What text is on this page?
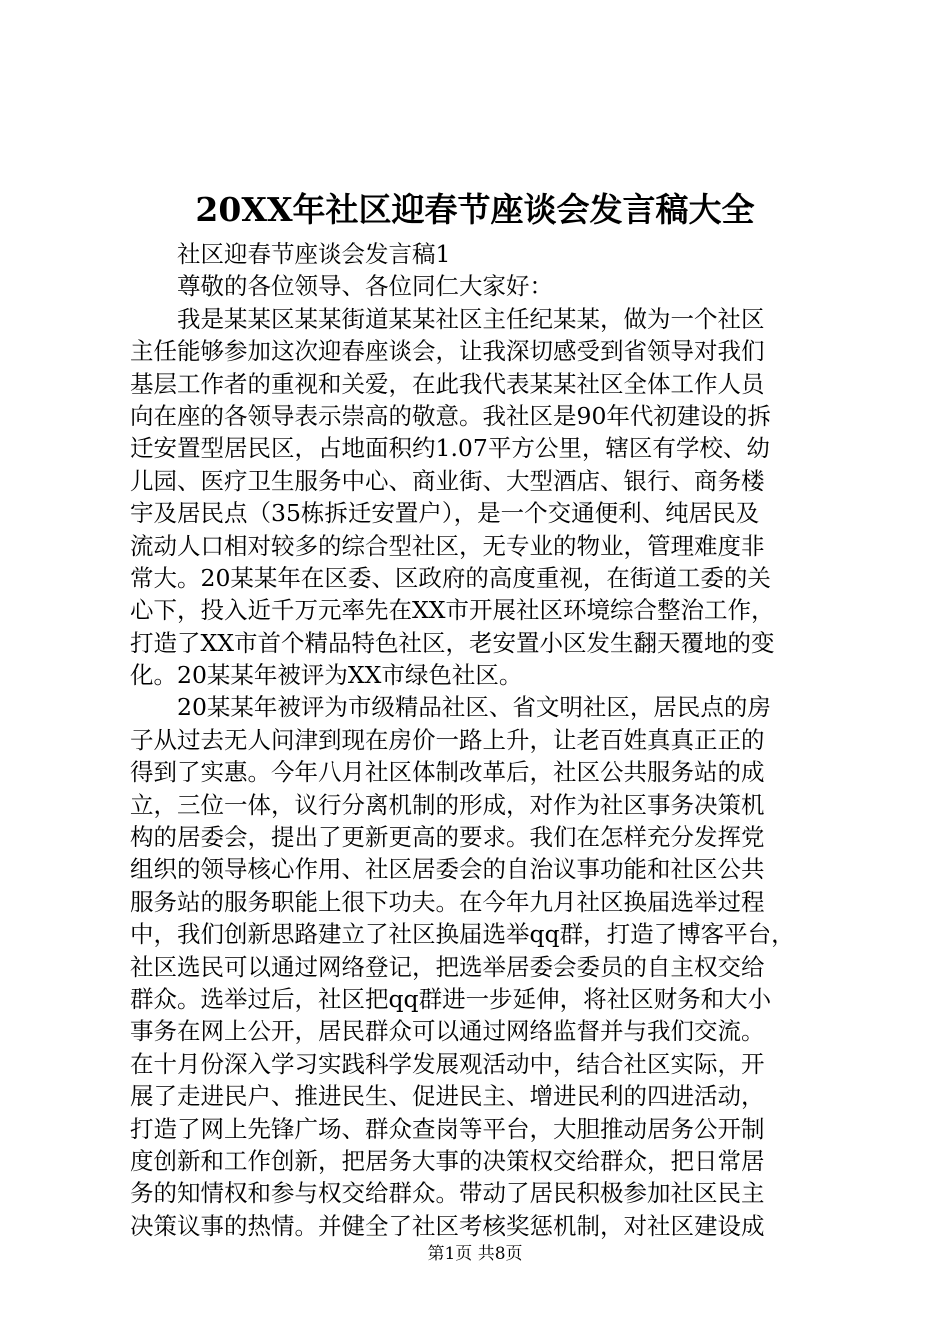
20XX年社区迎春节座谈会发言稿大全
社区迎春节座谈会发言稿1
尊敬的各位领导、各位同仁大家好：
我是某某区某某街道某某社区主任纪某某，做为一个社区
主任能够参加这次迎春座谈会，让我深切感受到省领导对我们
基层工作者的重视和关爱，在此我代表某某社区全体工作人员
向在座的各领导表示崇高的敬意。我社区是90年代初建设的拆
迁安置型居民区，占地面积约1.07平方公里，辖区有学校、幼
儿园、医疗卫生服务中心、商业街、大型酒店、银行、商务楼
宇及居民点（35栋拆迁安置户），是一个交通便利、纯居民及
流动人口相对较多的综合型社区，无专业的物业，管理难度非
常大。20某某年在区委、区政府的高度重视，在街道工委的关
心下，投入近千万元率先在XX市开展社区环境综合整治工作，
打造了XX市首个精品特色社区，老安置小区发生翻天覆地的变
化。20某某年被评为XX市绿色社区。
20某某年被评为市级精品社区、省文明社区，居民点的房
子从过去无人问津到现在房价一路上升，让老百姓真真正正的
得到了实惠。今年八月社区体制改革后，社区公共服务站的成
立，三位一体，议行分离机制的形成，对作为社区事务决策机
构的居委会，提出了更新更高的要求。我们在怎样充分发挥党
组织的领导核心作用、社区居委会的自治议事功能和社区公共
服务站的服务职能上很下功夫。在今年九月社区换届选举过程
中，我们创新思路建立了社区换届选举qq群，打造了博客平台，
社区选民可以通过网络登记，把选举居委会委员的自主权交给
群众。选举过后，社区把qq群进一步延伸，将社区财务和大小
事务在网上公开，居民群众可以通过网络监督并与我们交流。
在十月份深入学习实践科学发展观活动中，结合社区实际，开
展了走进民户、推进民生、促进民主、增进民利的四进活动，
打造了网上先锋广场、群众查岗等平台，大胆推动居务公开制
度创新和工作创新，把居务大事的决策权交给群众，把日常居
务的知情权和参与权交给群众。带动了居民积极参加社区民主
决策议事的热情。并健全了社区考核奖惩机制，对社区建设成
第1页 共8页
